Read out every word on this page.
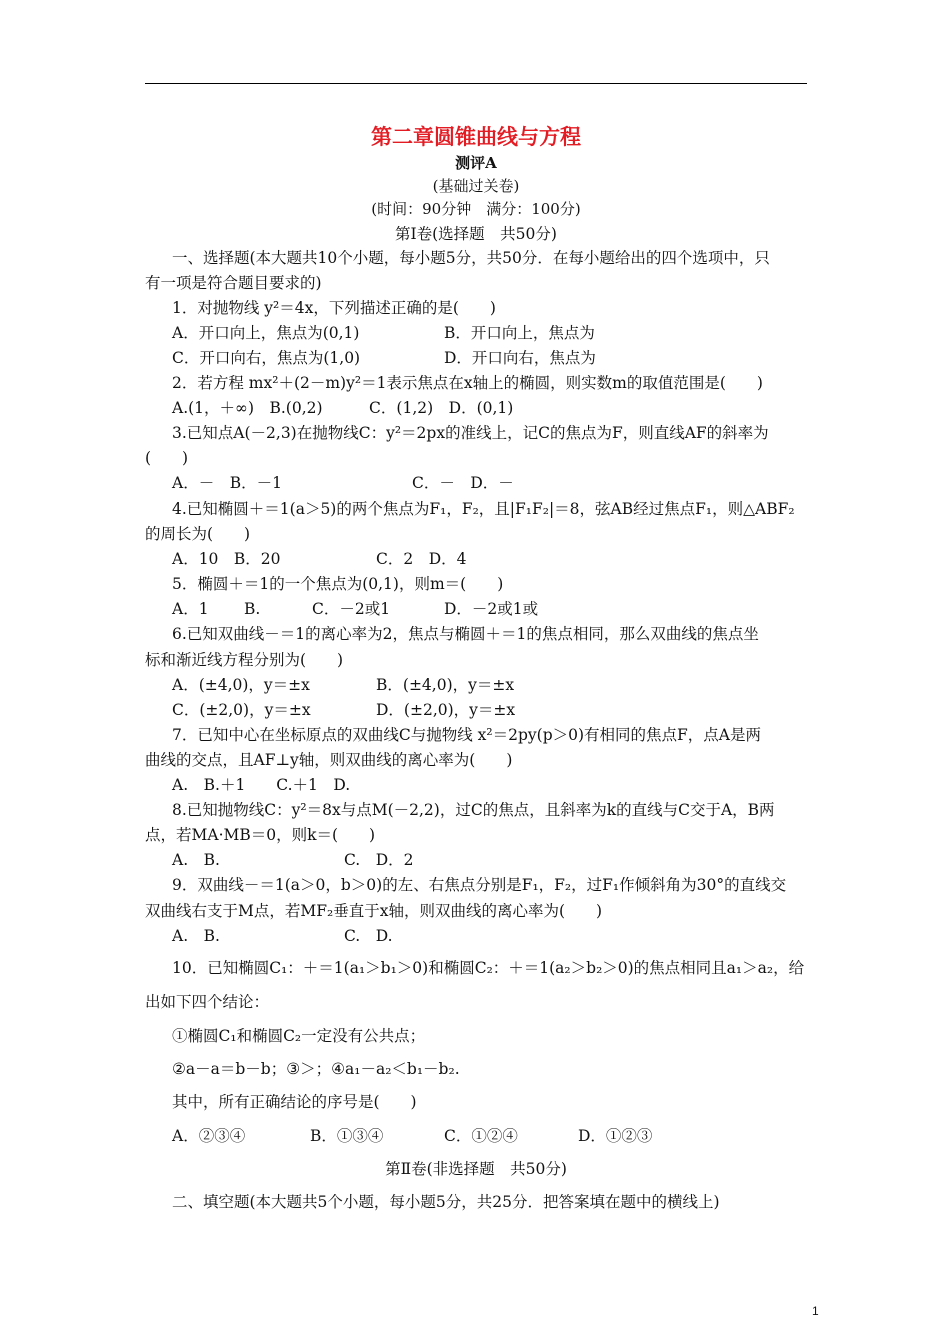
第二章圆锥曲线与方程
测评A
(基础过关卷)
(时间：90分钟　满分：100分)
第Ⅰ卷(选择题　共50分)
一、选择题(本大题共10个小题，每小题5分，共50分．在每小题给出的四个选项中，只
有一项是符合题目要求的)
1．对抛物线 y²＝4x，下列描述正确的是(　　)
A．开口向上，焦点为(0,1)	B．开口向上，焦点为
C．开口向右，焦点为(1,0)	D．开口向右，焦点为
2．若方程 mx²＋(2－m)y²＝1表示焦点在x轴上的椭圆，则实数m的取值范围是(　　)
A.(1，＋∞)　B.(0,2)　　　C．(1,2)　D．(0,1)
3.已知点A(－2,3)在抛物线C：y²＝2px的准线上，记C的焦点为F，则直线AF的斜率为
(　　)
A．－　B．－1	C．－　D．－
4.已知椭圆＋＝1(a＞5)的两个焦点为F₁，F₂，且|F₁F₂|＝8，弦AB经过焦点F₁，则△ABF₂
的周长为(　　)
A．10　B．20	C．2　D．4
5．椭圆＋＝1的一个焦点为(0,1)，则m＝(　　)
A．1 B.	C．－2或1	D．－2或1或
6.已知双曲线－＝1的离心率为2，焦点与椭圆＋＝1的焦点相同，那么双曲线的焦点坐
标和渐近线方程分别为(　　)
A．(±4,0)，y＝±x	B．(±4,0)，y＝±x
C．(±2,0)，y＝±x	D．(±2,0)，y＝±x
7．已知中心在坐标原点的双曲线C与抛物线 x²＝2py(p＞0)有相同的焦点F，点A是两
曲线的交点，且AF⊥y轴，则双曲线的离心率为(　　)
A.　B.＋1　　C.＋1　D.
8.已知抛物线C：y²＝8x与点M(－2,2)，过C的焦点，且斜率为k的直线与C交于A，B两
点，若MA·MB＝0，则k＝(　　)
A.　B.	C.　D．2
9．双曲线－＝1(a＞0，b＞0)的左、右焦点分别是F₁，F₂，过F₁作倾斜角为30°的直线交
双曲线右支于M点，若MF₂垂直于x轴，则双曲线的离心率为(　　)
A.　B.	C.　D.
10．已知椭圆C₁：＋＝1(a₁＞b₁＞0)和椭圆C₂：＋＝1(a₂＞b₂＞0)的焦点相同且a₁＞a₂，给
出如下四个结论：
①椭圆C₁和椭圆C₂一定没有公共点；
②a－a＝b－b；③＞；④a₁－a₂＜b₁－b₂.
其中，所有正确结论的序号是(　　)
A．②③④	B．①③④	C．①②④	D．①②③
第Ⅱ卷(非选择题　共50分)
二、填空题(本大题共5个小题，每小题5分，共25分．把答案填在题中的横线上)
1
